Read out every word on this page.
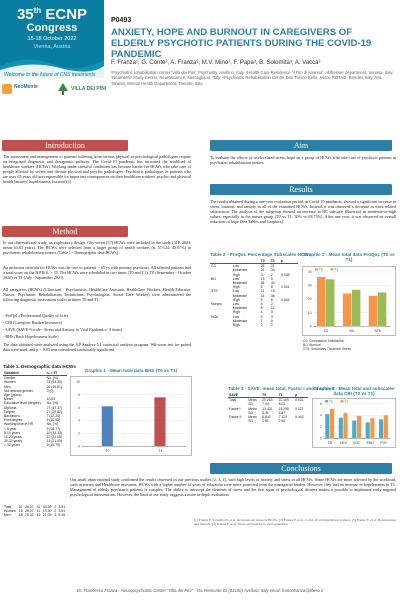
35th ECNP
Congress
15-18 October 2022
Vienna, Austria
Welcome to the future of CNS treatments
P0493
ANXIETY, HOPE AND BURNOUT IN CAREGIVERS OF ELDERLY PSYCHOTIC PATIENTS DURING THE COVID-19 PANDEMIC
F. Franza¹, G. Conte², A. Franza³, M.V. Mino¹, F. Papa³, B. Solomita³, A. Vacca³
¹Psychiatric rehabilitation center 'Villa dei Pini', Psychiatry, Avellino, Italy. ²Health Care Residence 'Il Filo di Arianna', Alzheimer department, Venosa, Italy. ³Neamente Study Center, Neuroscience, Mercogliano, Italy. ⁴Psychiatric Rehabilitation Centre Don Tonino Bello, Assoc ROTAG, Brindisi, Italy. ASL Taranto, Mental Health Department, Taranto, Italy.
NeoMente	VILLA DEI PINI
Introduction
The assessment and management of patients suffering from serious physical or psychological pathologies require an integrated diagnostic and therapeutic pathway. The Covid-19 pandemic has increased the workload of healthcare workers (HCWs). Working under stressful conditions has become harder for HCWs who take care of people affected by severe and chronic physical and psychic pathologies. Psychiatric pathologies in patients who are over 65 years old are responsible for important consequences on their healthcare workers' psychic and physical health (anxiety, hopelessness, burnout)[1].
Method
In our observational study, an exploratory design, fifty-seven (57) HCWs were included in the study (31F, 26M; mean 43.63 years). The HCWs were selected from a larger group of health workers (n. 57/124: 45.97%) in psychiatric rehabilitation centers (Table 1 - Demographic data HCWs).
An inclusion criterion for HCWs was the care to patients > 65 ys with primary psychosis. All selected patients had a total score on the B.P.R.S. > 35. The HCWs were scheduled in two times (T0 and T1). T0 (September - October 2020) vs T1 (July - September 2021).
All caregivers (HCWs) (Clinicians - Psychiatrists, HealthCare Assistant, HealthCare Workers, Health Educator, Nurses, Psychiatric Rehabilitation Technicians, Psychologists, Social Care Worker) were administered the following diagnostic assessment scales in times T0 and T1:
- ProQoL (Professional Quality of Life)
- CBI (Caregiver Burden Inventory)
- SAVE (SAVE-9 scale - Stress and Anxiety to Viral Epidemics- 9 items)
- BHS (Beck Hopelessness Scale)
The data obtained were analyzed using the S.P.Analyze 5.1 statistical analysis program. Wilcoxon test for paired data were used, and p < 0.05 was considered statistically significant.
Table 1. Demographic data HCWs
Variables	n. = 57	
Gender	No. (%)	
Women	31 (54.39)	
Men	26 (45.61)	
Not defined gender	0 (0)	
Age (years)		
Mean	43.63	
Education level (degree)	No. (%)	
Diploma	27 (47.37)	
Degree	17 (29.82)	
Bachelor's	7 (12.28)	
Post-degree	6 (10.53)	
Working time in HR	No. (%)	
< 5 year	5 (08.77)	
5-10 years	19 (33.33)	
10-20 years	12 (21.05)	
20-30 years	12 (21.05)	
> 30 years	9 (15.79)	
Total	57	28.07	31	54.39	2	3.51
Women	16	28.07	11	19.30	2	3.51
Men	15	26.32	12	21.05	3	5.26
Graphic 1 - Mean total data BHS (T0 vs T1)
0
2
4
6
8
10
T0	T1
Aim
To evaluate the effects of work-related stress, hope on a group of HCWs who take care of psychotic patients in psychiatric rehabilitation centers.
Results
The results obtained during a one-year evaluation period, in Covid-19 pandemic, showed a significant increase in stress, burnout, and anxiety in all of the examined HCWs. Instead, it was observed a decrease in work-related satisfaction. The analysis of the subgroup showed an increase in BC subscale (Burnout) in moderate-to-high values, especially in the nurses group (T0 vs T1: 50% vs 68.75%). After one year, it was observed an overall reduction of hope (See Tables and Graphics).
Table 2 - ProQoL Percentage Subscales HCWs
		T0	T1	p
CS	Low	28	21	
	Moderate	26	34	
	High	3	2	0.038
BO	Low	13	9	
	Moderate	38	40	
	High	6	8	0.021
STS	Low	21	15	
	Moderate	31	36	
	High	5	6	0.044
Nurses	Low	4	2	
	Moderate	8	11	
	High	4	3	
HCA	Low	5	3	
	Moderate	7	9	
	High	2	2	
Graphic 2 - Mean total data ProQoL (T0 vs T1)
0
10
20
30
40
CS	BO	STS
T0	T1
CS: Compassion Satisfaction
BO: Burnout
STS: Secondary Traumatic Stress
Table 3 - SAVE: mean total, Factor I and II scores
SAVE		T0	T1	p
Total	Mean	20.263	22.105	0.031
	SD	7.44	8.02	
Factor I	Mean	13.421	15.298	0.027
	SD	5.31	5.87	
Factor II	Mean	6.842	7.123	0.442
	SD	2.81	2.94	
Graphic 3 - Mean total and subscales data CBI (T0 vs T1)
0
2
4
6
TD DEV SOC EMO PHY
T0	T1
Conclusions
Our small observational study confirmed the results observed in our previous studies [2, 3, 4], with high levels of anxiety and stress in all HCWs. Some HCWs are more affected by the workload, such as nurses and Healthcare assistants. HCWs with a higher number of years of education were more protected from the managerial burden. However, they had an increase in hopelessness in T1. Management of elderly psychiatric patients is complex. The ability to intercept the elements of stress and the first signs of psychological distress makes it possible to implement early targeted psychological interventions. However, the limit of our study suggests a more in-depth evaluation.
[1] Franza F, Solomita B, et al. Occupational stress in HCWs. [2] Franza F, et al. Covid-19 and healthcare workers. [3] Franza F, et al. Hopelessness and burnout. [4] Franza F, et al. Stress and anxiety to viral epidemics.
Dr. Francesco Franza - Neuropsychiatric Center "Villa dei Pini" - Via Piemonte 61 (83100) Avellino, Italy email: francofranza@libero.it
